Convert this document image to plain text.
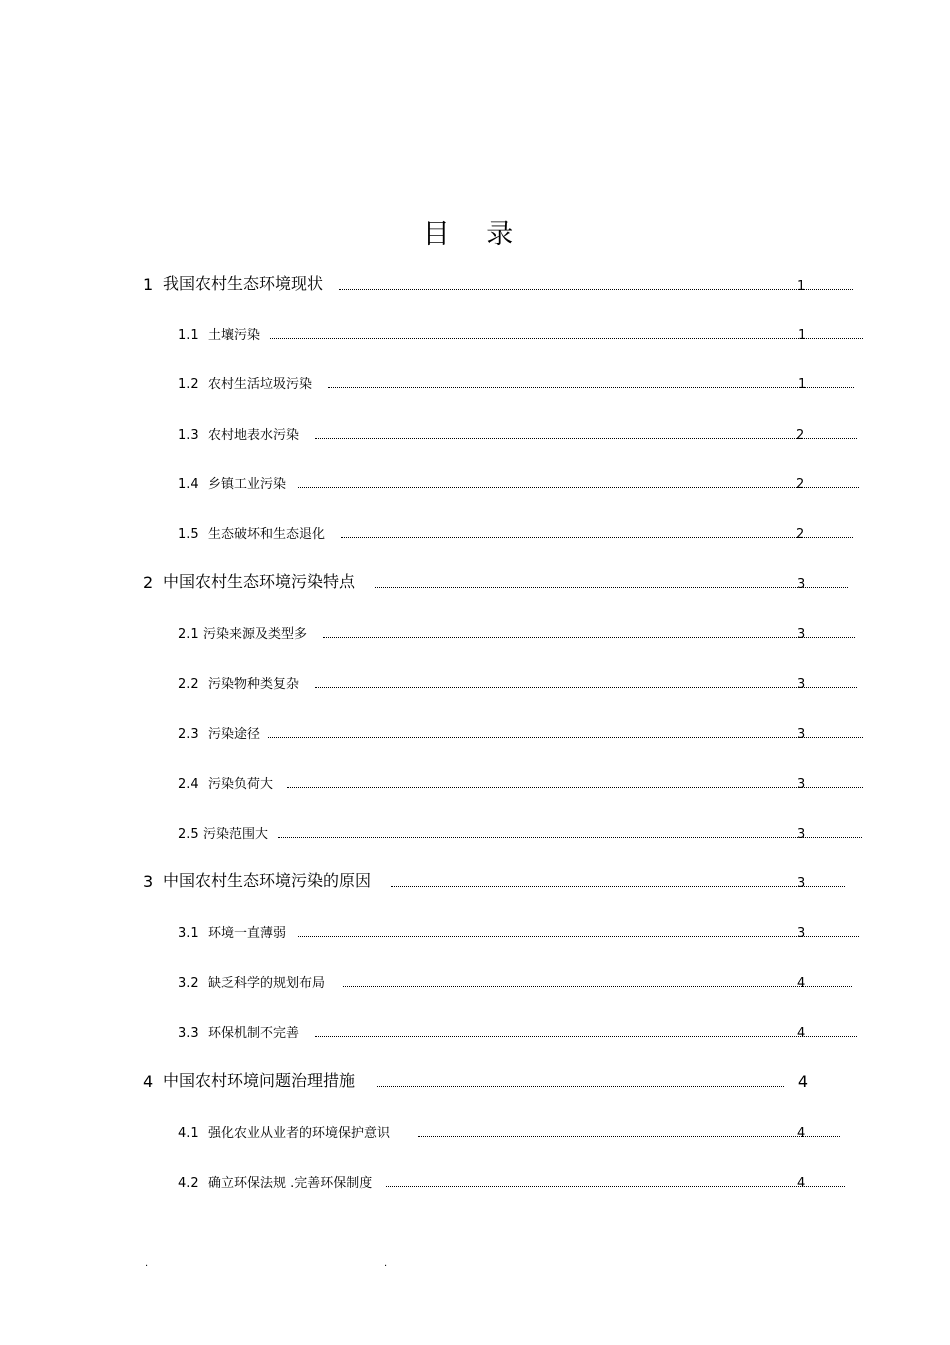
目 录
1 我国农村生态环境现状	1
1.1 土壤污染	1
1.2 农村生活垃圾污染	1
1.3 农村地表水污染	2
1.4 乡镇工业污染	2
1.5 生态破坏和生态退化	2
2 中国农村生态环境污染特点	3
2.1 污染来源及类型多	3
2.2 污染物种类复杂	3
2.3 污染途径	3
2.4 污染负荷大	3
2.5 污染范围大	3
3 中国农村生态环境污染的原因	3
3.1 环境一直薄弱	3
3.2 缺乏科学的规划布局	4
3.3 环保机制不完善	4
4 中国农村环境问题治理措施	4
4.1 强化农业从业者的环境保护意识	4
4.2 确立环保法规 .完善环保制度	4
.	.
